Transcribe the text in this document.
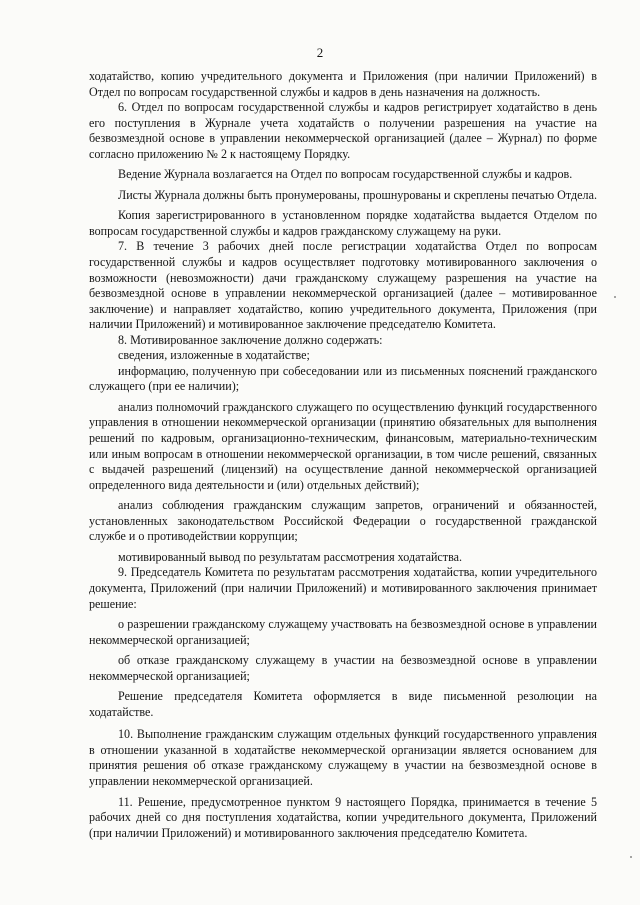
2

ходатайство, копию учредительного документа и Приложения (при наличии Приложений) в Отдел по вопросам государственной службы и кадров в день назначения на должность.

6. Отдел по вопросам государственной службы и кадров регистрирует ходатайство в день его поступления в Журнале учета ходатайств о получении разрешения на участие на безвозмездной основе в управлении некоммерческой организацией (далее – Журнал) по форме согласно приложению № 2 к настоящему Порядку.

Ведение Журнала возлагается на Отдел по вопросам государственной службы и кадров.

Листы Журнала должны быть пронумерованы, прошнурованы и скреплены печатью Отдела.

Копия зарегистрированного в установленном порядке ходатайства выдается Отделом по вопросам государственной службы и кадров гражданскому служащему на руки.

7. В течение 3 рабочих дней после регистрации ходатайства Отдел по вопросам государственной службы и кадров осуществляет подготовку мотивированного заключения о возможности (невозможности) дачи гражданскому служащему разрешения на участие на безвозмездной основе в управлении некоммерческой организацией (далее – мотивированное заключение) и направляет ходатайство, копию учредительного документа, Приложения (при наличии Приложений) и мотивированное заключение председателю Комитета.

8. Мотивированное заключение должно содержать:

сведения, изложенные в ходатайстве;

информацию, полученную при собеседовании или из письменных пояснений гражданского служащего (при ее наличии);

анализ полномочий гражданского служащего по осуществлению функций государственного управления в отношении некоммерческой организации (принятию обязательных для выполнения решений по кадровым, организационно-техническим, финансовым, материально-техническим или иным вопросам в отношении некоммерческой организации, в том числе решений, связанных с выдачей разрешений (лицензий) на осуществление данной некоммерческой организацией определенного вида деятельности и (или) отдельных действий);

анализ соблюдения гражданским служащим запретов, ограничений и обязанностей, установленных законодательством Российской Федерации о государственной гражданской службе и о противодействии коррупции;

мотивированный вывод по результатам рассмотрения ходатайства.

9. Председатель Комитета по результатам рассмотрения ходатайства, копии учредительного документа, Приложений (при наличии Приложений) и мотивированного заключения принимает решение:

о разрешении гражданскому служащему участвовать на безвозмездной основе в управлении некоммерческой организацией;

об отказе гражданскому служащему в участии на безвозмездной основе в управлении некоммерческой организацией;

Решение председателя Комитета оформляется в виде письменной резолюции на ходатайстве.

10. Выполнение гражданским служащим отдельных функций государственного управления в отношении указанной в ходатайстве некоммерческой организации является основанием для принятия решения об отказе гражданскому служащему в участии на безвозмездной основе в управлении некоммерческой организацией.

11. Решение, предусмотренное пунктом 9 настоящего Порядка, принимается в течение 5 рабочих дней со дня поступления ходатайства, копии учредительного документа, Приложений (при наличии Приложений) и мотивированного заключения председателю Комитета.
